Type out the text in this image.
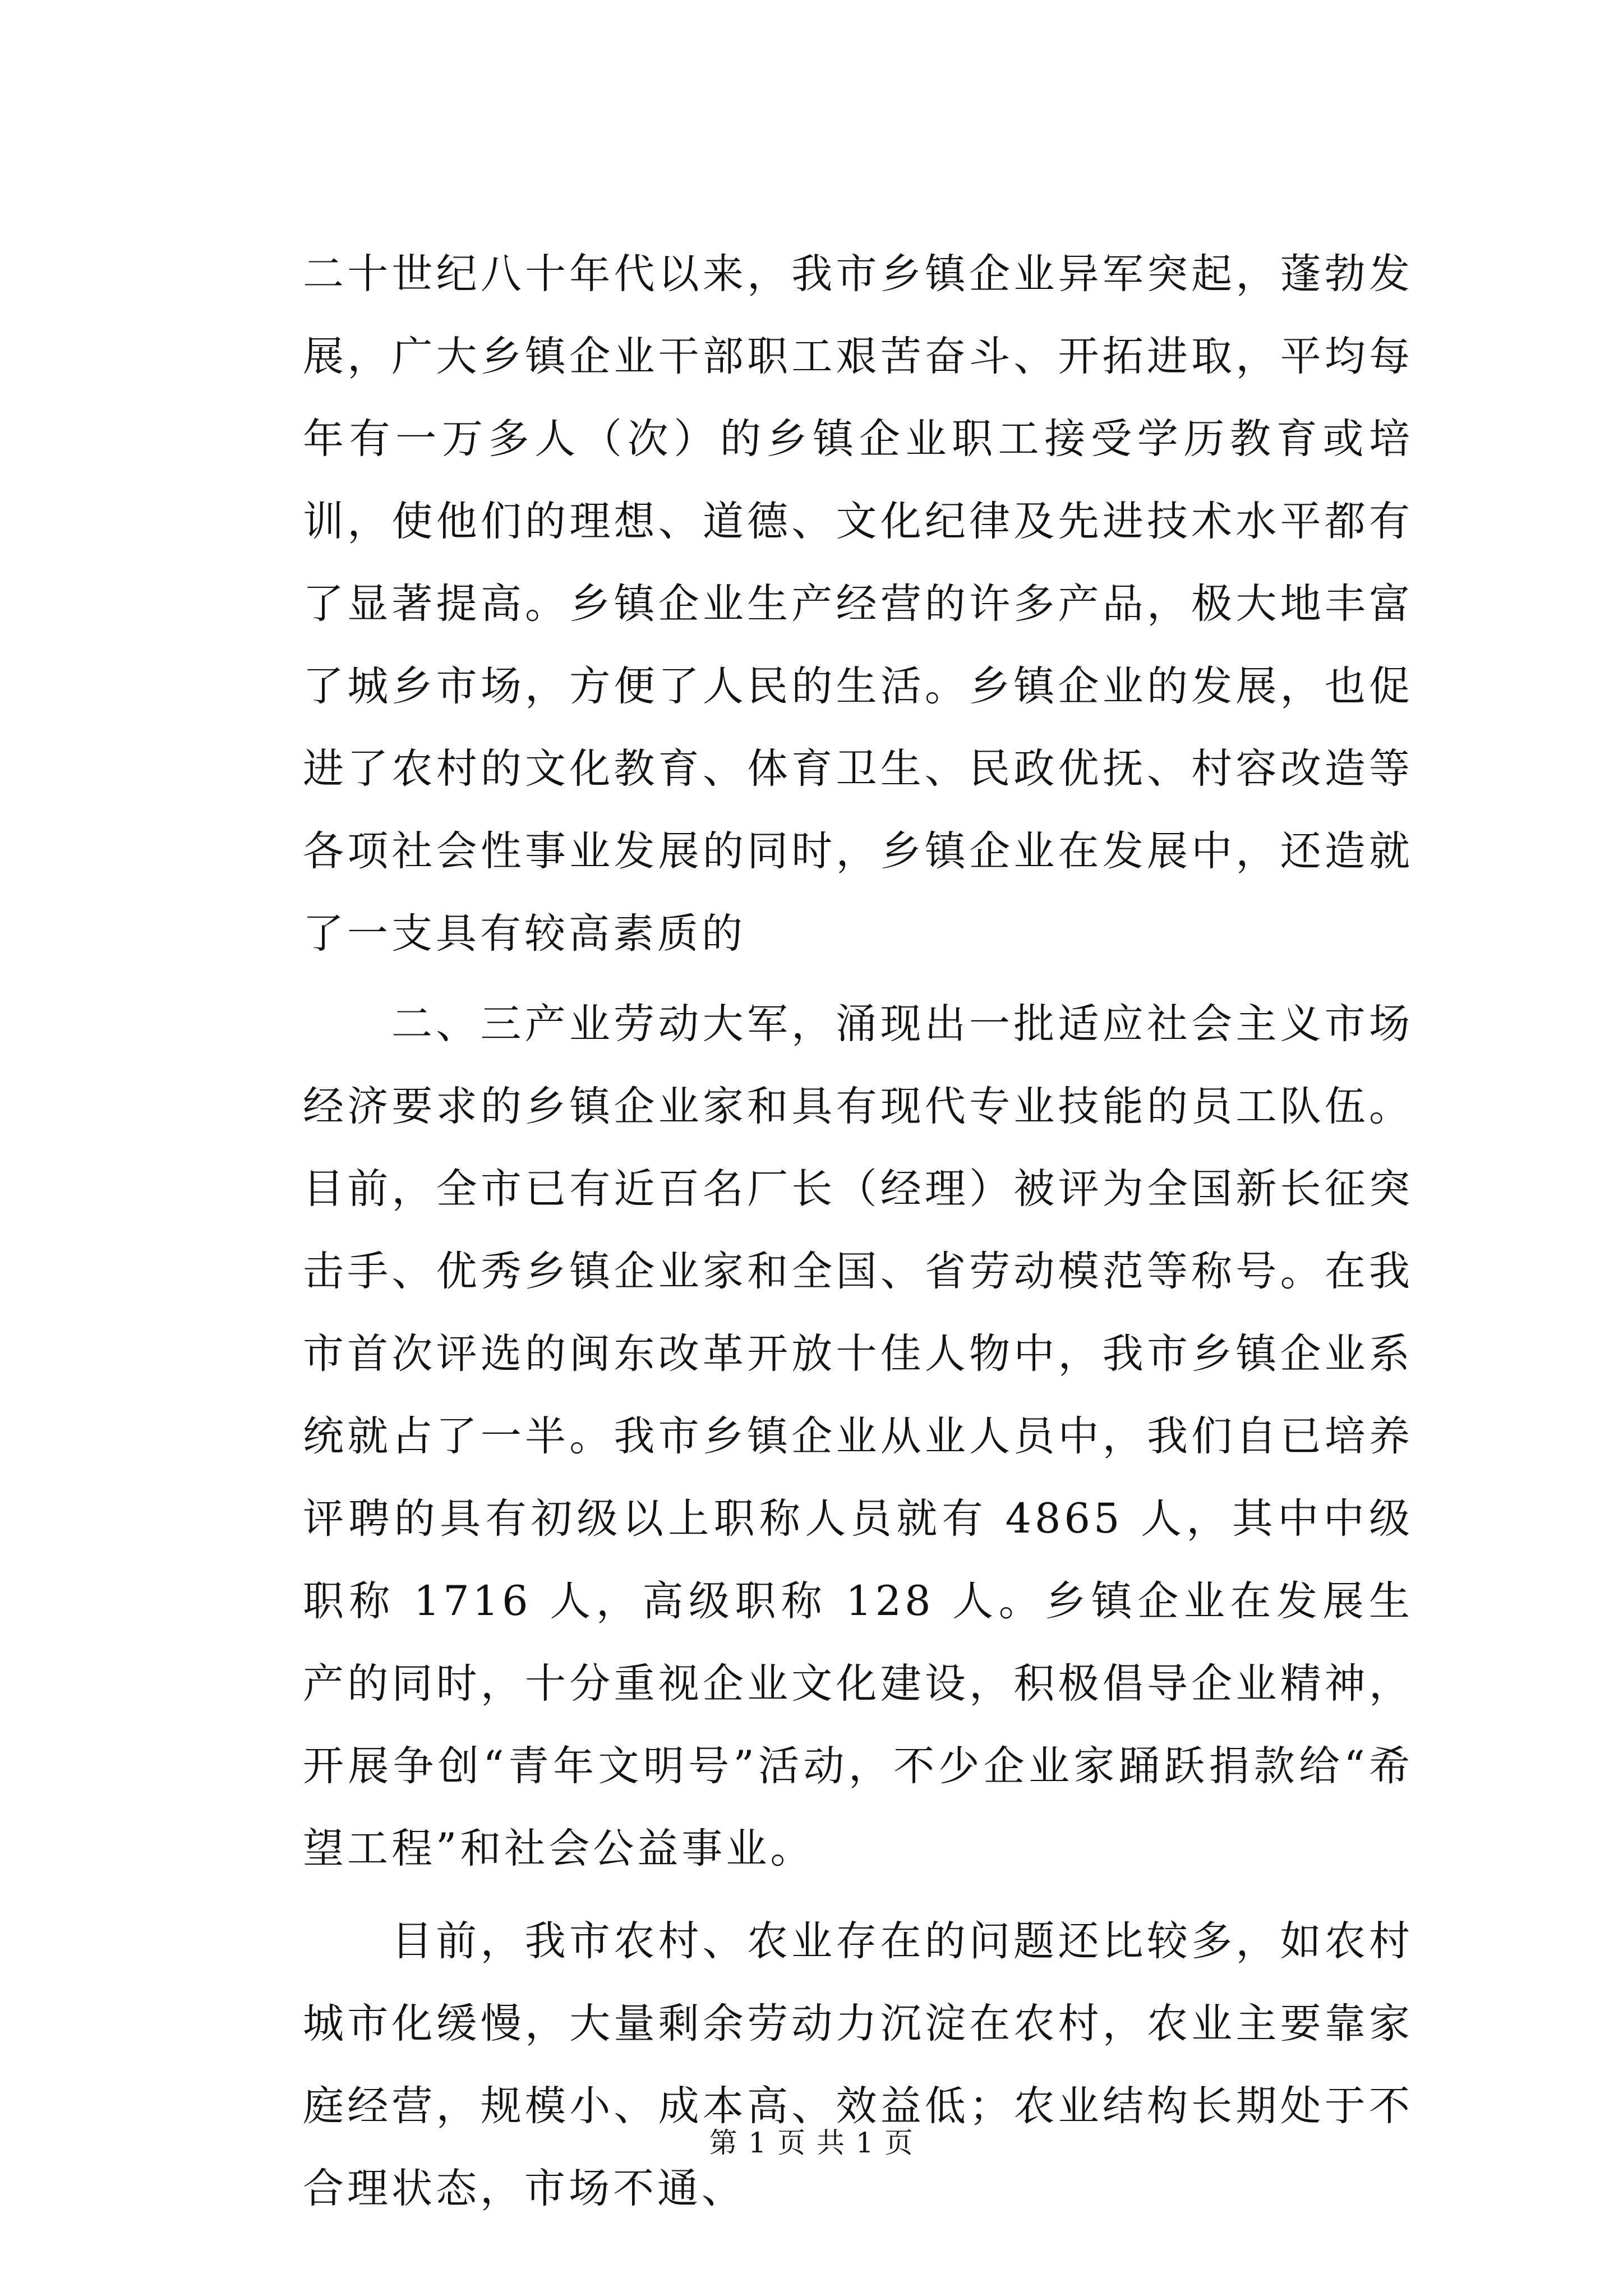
二十世纪八十年代以来，我市乡镇企业异军突起，蓬勃发展，广大乡镇企业干部职工艰苦奋斗、开拓进取，平均每年有一万多人（次）的乡镇企业职工接受学历教育或培训，使他们的理想、道德、文化纪律及先进技术水平都有了显著提高。乡镇企业生产经营的许多产品，极大地丰富了城乡市场，方便了人民的生活。乡镇企业的发展，也促进了农村的文化教育、体育卫生、民政优抚、村容改造等各项社会性事业发展的同时，乡镇企业在发展中，还造就了一支具有较高素质的

二、三产业劳动大军，涌现出一批适应社会主义市场经济要求的乡镇企业家和具有现代专业技能的员工队伍。目前，全市已有近百名厂长（经理）被评为全国新长征突击手、优秀乡镇企业家和全国、省劳动模范等称号。在我市首次评选的闽东改革开放十佳人物中，我市乡镇企业系统就占了一半。我市乡镇企业从业人员中，我们自已培养评聘的具有初级以上职称人员就有 4865 人，其中中级职称 1716 人，高级职称 128 人。乡镇企业在发展生产的同时，十分重视企业文化建设，积极倡导企业精神，开展争创“青年文明号”活动，不少企业家踊跃捐款给“希望工程”和社会公益事业。

目前，我市农村、农业存在的问题还比较多，如农村城市化缓慢，大量剩余劳动力沉淀在农村，农业主要靠家庭经营，规模小、成本高、效益低；农业结构长期处于不合理状态，市场不通、

第 1 页 共 1 页
